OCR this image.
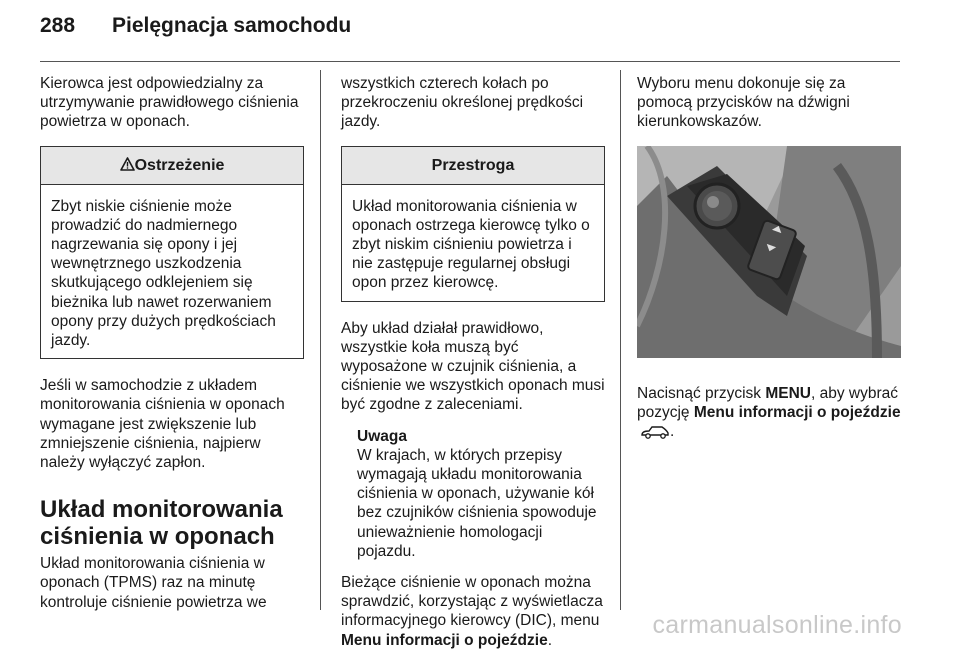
288 Pielęgnacja samochodu

Kierowca jest odpowiedzialny za utrzymywanie prawidłowego ciśnienia powietrza w oponach.

Ostrzeżenie
Zbyt niskie ciśnienie może prowadzić do nadmiernego nagrzewania się opony i jej wewnętrznego uszkodzenia skutkującego odklejeniem się bieżnika lub nawet rozerwaniem opony przy dużych prędkościach jazdy.

Jeśli w samochodzie z układem monitorowania ciśnienia w oponach wymagane jest zwiększenie lub zmniejszenie ciśnienia, najpierw należy wyłączyć zapłon.

Układ monitorowania ciśnienia w oponach

Układ monitorowania ciśnienia w oponach (TPMS) raz na minutę kontroluje ciśnienie powietrza we

wszystkich czterech kołach po przekroczeniu określonej prędkości jazdy.

Przestroga
Układ monitorowania ciśnienia w oponach ostrzega kierowcę tylko o zbyt niskim ciśnieniu powietrza i nie zastępuje regularnej obsługi opon przez kierowcę.

Aby układ działał prawidłowo, wszystkie koła muszą być wyposażone w czujnik ciśnienia, a ciśnienie we wszystkich oponach musi być zgodne z zaleceniami.

Uwaga
W krajach, w których przepisy wymagają układu monitorowania ciśnienia w oponach, używanie kół bez czujników ciśnienia spowoduje unieważnienie homologacji pojazdu.

Bieżące ciśnienie w oponach można sprawdzić, korzystając z wyświetlacza informacyjnego kierowcy (DIC), menu Menu informacji o pojeździe.

Wyboru menu dokonuje się za pomocą przycisków na dźwigni kierunkowskazów.

Nacisnąć przycisk MENU, aby wybrać pozycję Menu informacji o pojeździe .

carmanualsonline.info
